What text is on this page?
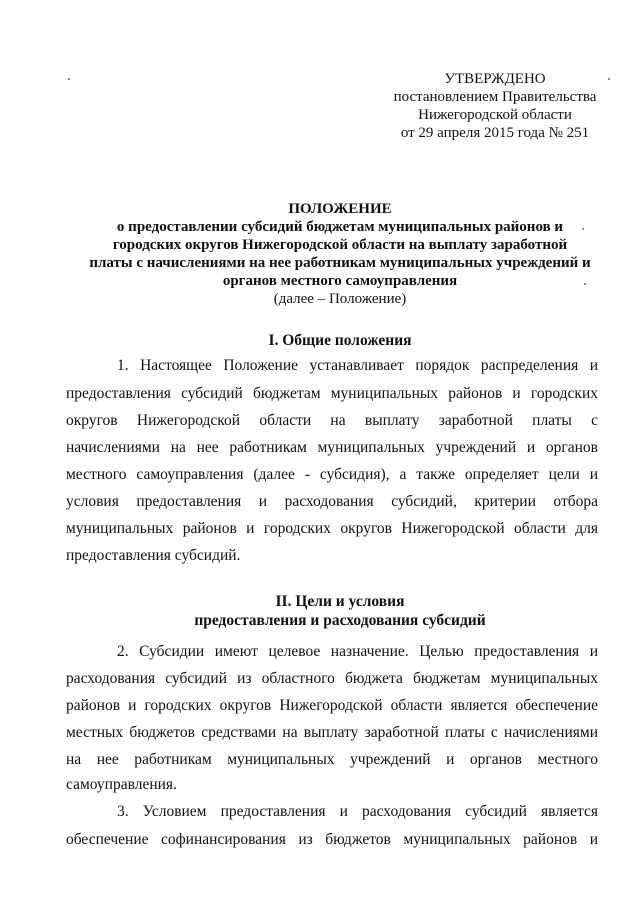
УТВЕРЖДЕНО
постановлением Правительства
Нижегородской области
от 29 апреля 2015 года № 251
ПОЛОЖЕНИЕ
о предоставлении субсидий бюджетам муниципальных районов и
городских округов Нижегородской области на выплату заработной
платы с начислениями на нее работникам муниципальных учреждений и
органов местного самоуправления
(далее – Положение)
I. Общие положения
1. Настоящее Положение устанавливает порядок распределения и
предоставления субсидий бюджетам муниципальных районов и городских
округов Нижегородской области на выплату заработной платы с
начислениями на нее работникам муниципальных учреждений и органов
местного самоуправления (далее - субсидия), а также определяет цели и
условия предоставления и расходования субсидий, критерии отбора
муниципальных районов и городских округов Нижегородской области для
предоставления субсидий.
II. Цели и условия
предоставления и расходования субсидий
2. Субсидии имеют целевое назначение. Целью предоставления и
расходования субсидий из областного бюджета бюджетам муниципальных
районов и городских округов Нижегородской области является обеспечение
местных бюджетов средствами на выплату заработной платы с начислениями
на нее работникам муниципальных учреждений и органов местного
самоуправления.
3. Условием предоставления и расходования субсидий является
обеспечение софинансирования из бюджетов муниципальных районов и
